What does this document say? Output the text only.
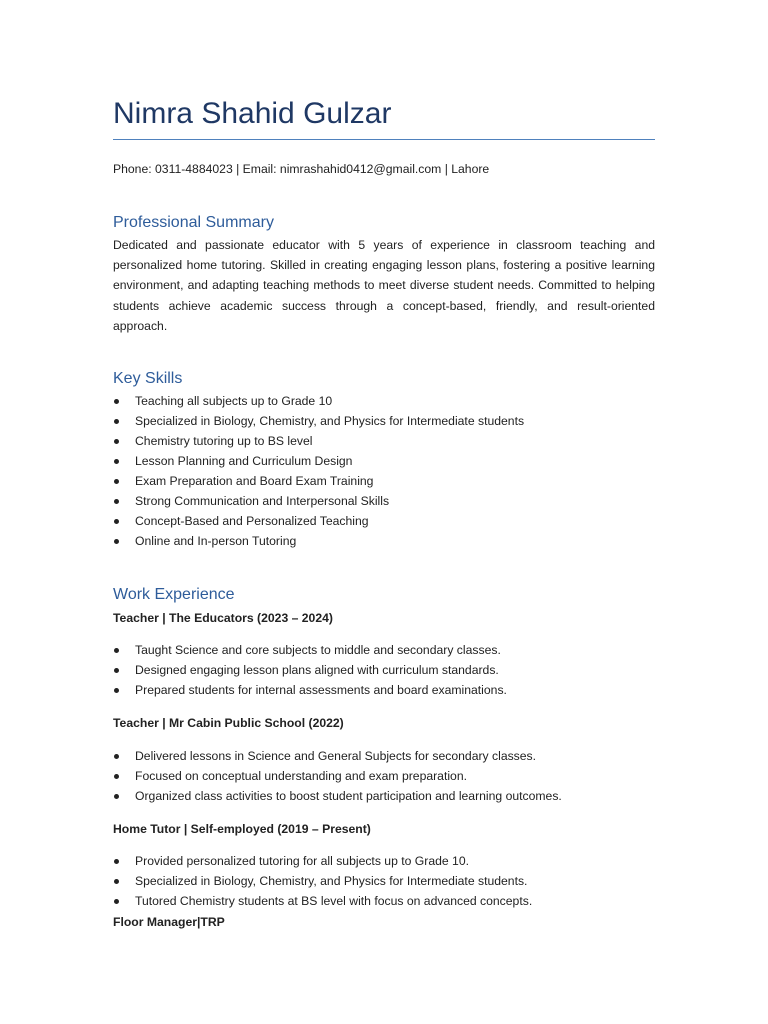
Nimra Shahid Gulzar
Phone: 0311-4884023 | Email: nimrashahid0412@gmail.com | Lahore
Professional Summary

Dedicated and passionate educator with 5 years of experience in classroom teaching and personalized home tutoring. Skilled in creating engaging lesson plans, fostering a positive learning environment, and adapting teaching methods to meet diverse student needs. Committed to helping students achieve academic success through a concept-based, friendly, and result-oriented approach.

Key Skills
Teaching all subjects up to Grade 10
Specialized in Biology, Chemistry, and Physics for Intermediate students
Chemistry tutoring up to BS level
Lesson Planning and Curriculum Design
Exam Preparation and Board Exam Training
Strong Communication and Interpersonal Skills
Concept-Based and Personalized Teaching
Online and In-person Tutoring
Work Experience
Teacher | The Educators (2023 – 2024)
Taught Science and core subjects to middle and secondary classes.
Designed engaging lesson plans aligned with curriculum standards.
Prepared students for internal assessments and board examinations.
Teacher | Mr Cabin Public School (2022)
Delivered lessons in Science and General Subjects for secondary classes.
Focused on conceptual understanding and exam preparation.
Organized class activities to boost student participation and learning outcomes.
Home Tutor | Self-employed (2019 – Present)
Provided personalized tutoring for all subjects up to Grade 10.
Specialized in Biology, Chemistry, and Physics for Intermediate students.
Tutored Chemistry students at BS level with focus on advanced concepts.
Floor Manager|TRP
